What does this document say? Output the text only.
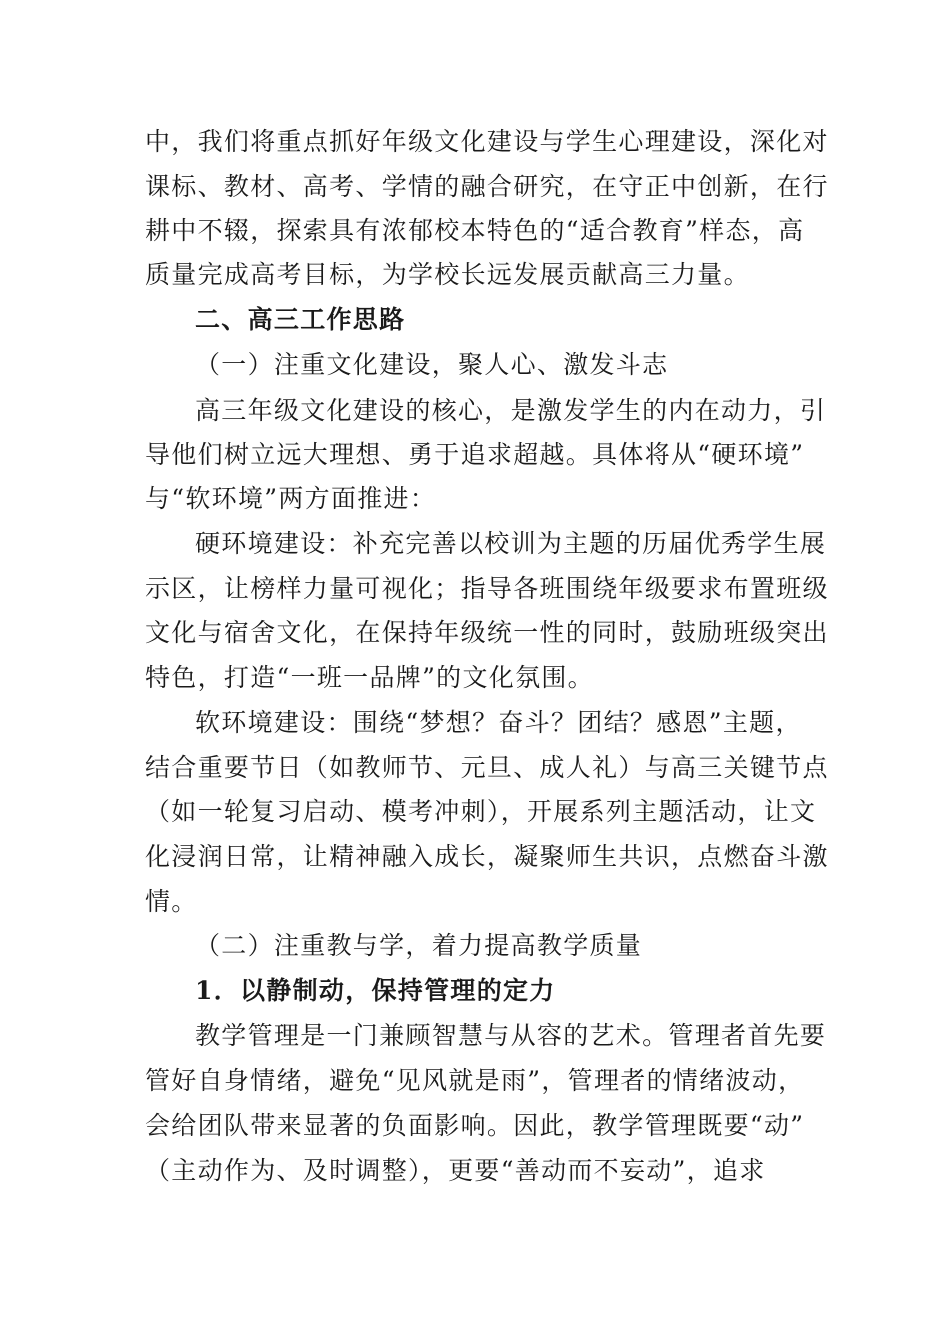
中，我们将重点抓好年级文化建设与学生心理建设，深化对
课标、教材、高考、学情的融合研究，在守正中创新，在行
耕中不辍，探索具有浓郁校本特色的“适合教育”样态，高
质量完成高考目标，为学校长远发展贡献高三力量。
二、高三工作思路
（一）注重文化建设，聚人心、激发斗志
高三年级文化建设的核心，是激发学生的内在动力，引
导他们树立远大理想、勇于追求超越。具体将从“硬环境”
与“软环境”两方面推进：
硬环境建设：补充完善以校训为主题的历届优秀学生展
示区，让榜样力量可视化；指导各班围绕年级要求布置班级
文化与宿舍文化，在保持年级统一性的同时，鼓励班级突出
特色，打造“一班一品牌”的文化氛围。
软环境建设：围绕“梦想？奋斗？团结？感恩”主题，
结合重要节日（如教师节、元旦、成人礼）与高三关键节点
（如一轮复习启动、模考冲刺），开展系列主题活动，让文
化浸润日常，让精神融入成长，凝聚师生共识，点燃奋斗激
情。
（二）注重教与学，着力提高教学质量
1．以静制动，保持管理的定力
教学管理是一门兼顾智慧与从容的艺术。管理者首先要
管好自身情绪，避免“见风就是雨”，管理者的情绪波动，
会给团队带来显著的负面影响。因此，教学管理既要“动”
（主动作为、及时调整），更要“善动而不妄动”，追求
